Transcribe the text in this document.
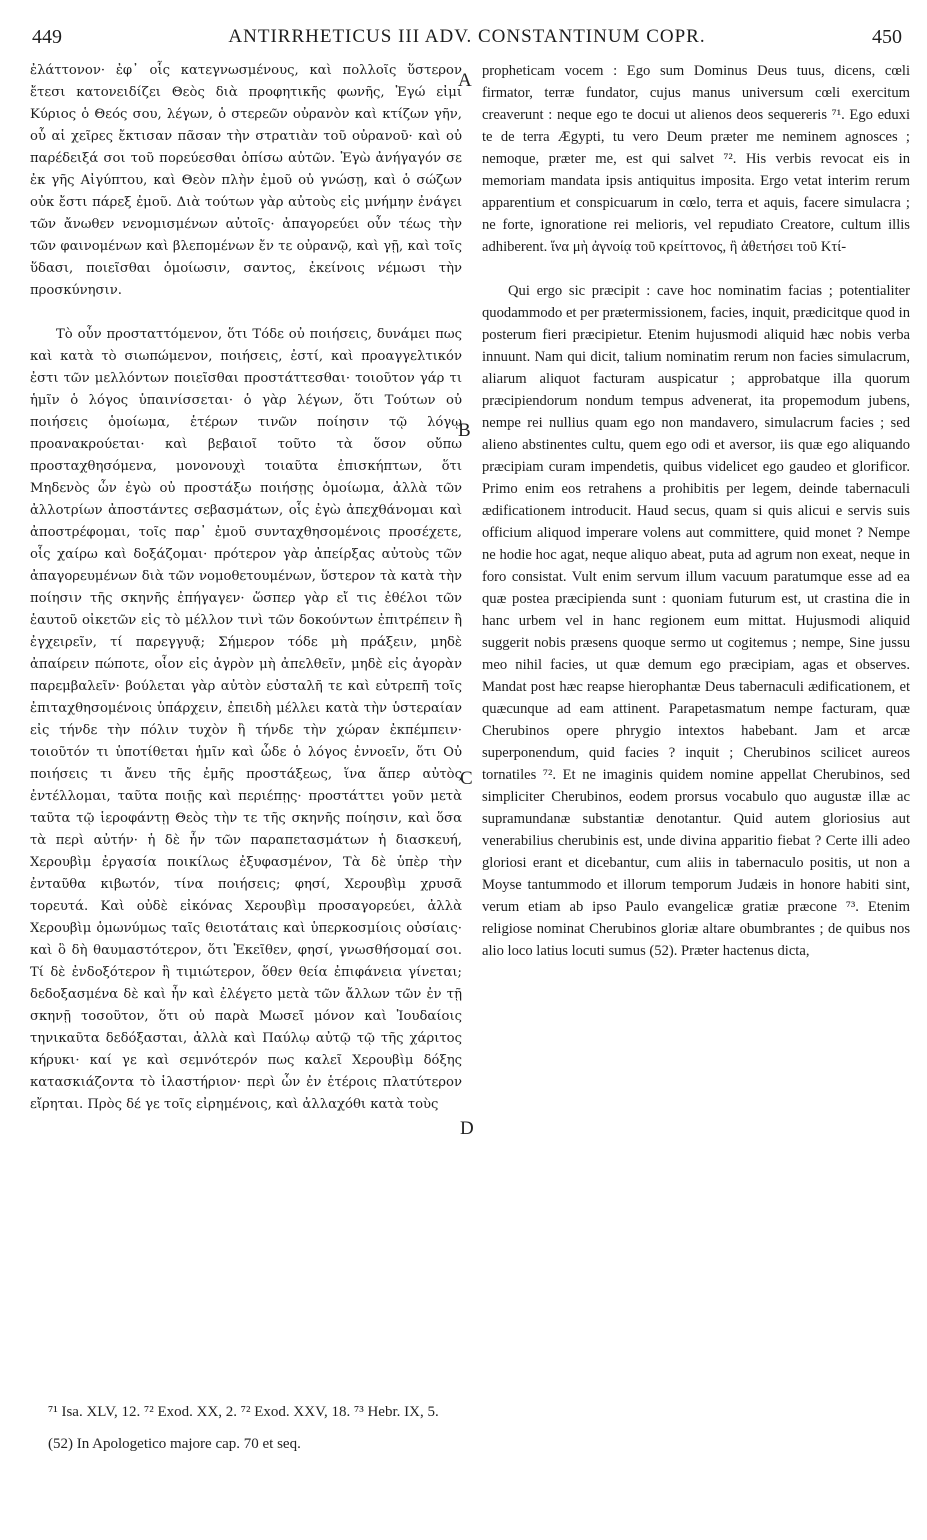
449	ANTIRRHETICUS III ADV. CONSTANTINUM COPR.	450

ἐλάττονον· ἐφ᾽ οἷς κατεγνωσμένους, καὶ πολλοῖς ὕστερον ἔτεσι κατονειδίζει Θεὸς διὰ προφητικῆς φωνῆς, Ἐγώ εἰμι Κύριος ὁ Θεός σου, λέγων, ὁ στερεῶν οὐρανὸν καὶ κτίζων γῆν, οὗ αἱ χεῖρες ἔκτισαν πᾶσαν τὴν στρατιὰν τοῦ οὐρανοῦ· καὶ οὐ παρέδειξά σοι τοῦ πορεύεσθαι ὀπίσω αὐτῶν. Ἐγὼ ἀνήγαγόν σε ἐκ γῆς Αἰγύπτου, καὶ Θεὸν πλὴν ἐμοῦ οὐ γνώσῃ, καὶ ὁ σώζων οὐκ ἔστι πάρεξ ἐμοῦ. Διὰ τούτων γὰρ αὐτοὺς εἰς μνήμην ἐνάγει τῶν ἄνωθεν νενομισμένων αὐτοῖς· ἀπαγορεύει οὖν τέως τὴν τῶν φαινομένων καὶ βλεπομένων ἔν τε οὐρανῷ, καὶ γῇ, καὶ τοῖς ὕδασι, ποιεῖσθαι ὁμοίωσιν, σαντος, ἐκείνοις νέμωσι τὴν προσκύνησιν.

Τὸ οὖν προσταττόμενον, ὅτι Τόδε οὐ ποιήσεις, δυνάμει πως καὶ κατὰ τὸ σιωπώμενον, ποιήσεις, ἐστί, καὶ προαγγελτικόν ἐστι τῶν μελλόντων ποιεῖσθαι προστάττεσθαι· τοιοῦτον γάρ τι ἡμῖν ὁ λόγος ὑπαινίσσεται· ὁ γὰρ λέγων, ὅτι Τούτων οὐ ποιήσεις ὁμοίωμα, ἑτέρων τινῶν ποίησιν τῷ λόγῳ προανακρούεται· καὶ βεβαιοῖ τοῦτο τὰ ὅσον οὔπω προσταχθησόμενα, μονονουχὶ τοιαῦτα ἐπισκήπτων, ὅτι Μηδενὸς ὧν ἐγὼ οὐ προστάξω ποιήσῃς ὁμοίωμα, ἀλλὰ τῶν ἀλλοτρίων ἀποστάντες σεβασμάτων, οἷς ἐγὼ ἀπεχθάνομαι καὶ ἀποστρέφομαι, τοῖς παρ᾽ ἐμοῦ συνταχθησομένοις προσέχετε, οἷς χαίρω καὶ δοξάζομαι· πρότερον γὰρ ἀπείρξας αὐτοὺς τῶν ἀπαγορευμένων διὰ τῶν νομοθετουμένων, ὕστερον τὰ κατὰ τὴν ποίησιν τῆς σκηνῆς ἐπήγαγεν· ὥσπερ γὰρ εἴ τις ἐθέλοι τῶν ἑαυτοῦ οἰκετῶν εἰς τὸ μέλλον τινὶ τῶν δοκούντων ἐπιτρέπειν ἢ ἐγχειρεῖν, τί παρεγγυᾷ; Σήμερον τόδε μὴ πράξειν, μηδὲ ἀπαίρειν πώποτε, οἷον εἰς ἀγρὸν μὴ ἀπελθεῖν, μηδὲ εἰς ἀγορὰν παρεμβαλεῖν· βούλεται γὰρ αὐτὸν εὐσταλῆ τε καὶ εὐτρεπῆ τοῖς ἐπιταχθησομένοις ὑπάρχειν, ἐπειδὴ μέλλει κατὰ τὴν ὑστεραίαν εἰς τήνδε τὴν πόλιν τυχὸν ἢ τήνδε τὴν χώραν ἐκπέμπειν· τοιοῦτόν τι ὑποτίθεται ἡμῖν καὶ ὧδε ὁ λόγος ἐννοεῖν, ὅτι Οὐ ποιήσεις τι ἄνευ τῆς ἐμῆς προστάξεως, ἵνα ἅπερ αὐτὸς ἐντέλλομαι, ταῦτα ποιῇς καὶ περιέπῃς· προστάττει γοῦν μετὰ ταῦτα τῷ ἱεροφάντῃ Θεὸς τὴν τε τῆς σκηνῆς ποίησιν, καὶ ὅσα τὰ περὶ αὐτήν· ἡ δὲ ἦν τῶν παραπετασμάτων ἡ διασκευή, Χερουβὶμ ἐργασία ποικίλως ἐξυφασμένον, Τὰ δὲ ὑπὲρ τὴν ἐνταῦθα κιβωτόν, τίνα ποιήσεις; φησί, Χερουβὶμ χρυσᾶ τορευτά. Καὶ οὐδὲ εἰκόνας Χερουβὶμ προσαγορεύει, ἀλλὰ Χερουβὶμ ὁμωνύμως ταῖς θειοτάταις καὶ ὑπερκοσμίοις οὐσίαις· καὶ ὃ δὴ θαυμαστότερον, ὅτι Ἐκεῖθεν, φησί, γνωσθήσομαί σοι. Τί δὲ ἐνδοξότερον ἢ τιμιώτερον, ὅθεν θεία ἐπιφάνεια γίνεται; δεδοξασμένα δὲ καὶ ἦν καὶ ἐλέγετο μετὰ τῶν ἄλλων τῶν ἐν τῇ σκηνῇ τοσοῦτον, ὅτι οὐ παρὰ Μωσεῖ μόνον καὶ Ἰουδαίοις τηνικαῦτα δεδόξασται, ἀλλὰ καὶ Παύλῳ αὐτῷ τῷ τῆς χάριτος κήρυκι· καί γε καὶ σεμνότερόν πως καλεῖ Χερουβὶμ δόξης κατασκιάζοντα τὸ ἱλαστήριον· περὶ ὧν ἐν ἑτέροις πλατύτερον εἴρηται. Πρὸς δέ γε τοῖς εἰρημένοις, καὶ ἀλλαχόθι κατὰ τοὺς

A
B
C
D

propheticam vocem : Ego sum Dominus Deus tuus, dicens, cœli firmator, terræ fundator, cujus manus universum cœli exercitum creaverunt : neque ego te docui ut alienos deos sequereris ⁷¹. Ego eduxi te de terra Ægypti, tu vero Deum præter me neminem agnosces ; nemoque, præter me, est qui salvet ⁷². His verbis revocat eis in memoriam mandata ipsis antiquitus imposita. Ergo vetat interim rerum apparentium et conspicuarum in cœlo, terra et aquis, facere simulacra ; ne forte, ignoratione rei melioris, vel repudiato Creatore, cultum illis adhiberent. ἵνα μὴ ἀγνοίᾳ τοῦ κρείττονος, ἢ ἀθετήσει τοῦ Κτί-

Qui ergo sic præcipit : cave hoc nominatim facias ; potentialiter quodammodo et per prætermissionem, facies, inquit, prædicitque quod in posterum fieri præcipietur. Etenim hujusmodi aliquid hæc nobis verba innuunt. Nam qui dicit, talium nominatim rerum non facies simulacrum, aliarum aliquot facturam auspicatur ; approbatque illa quorum præcipiendorum nondum tempus advenerat, ita propemodum jubens, nempe rei nullius quam ego non mandavero, simulacrum facies ; sed alieno abstinentes cultu, quem ego odi et aversor, iis quæ ego aliquando præcipiam curam impendetis, quibus videlicet ego gaudeo et glorificor. Primo enim eos retrahens a prohibitis per legem, deinde tabernaculi ædificationem introducit. Haud secus, quam si quis alicui e servis suis officium aliquod imperare volens aut committere, quid monet ? Nempe ne hodie hoc agat, neque aliquo abeat, puta ad agrum non exeat, neque in foro consistat. Vult enim servum illum vacuum paratumque esse ad ea quæ postea præcipienda sunt : quoniam futurum est, ut crastina die in hanc urbem vel in hanc regionem eum mittat. Hujusmodi aliquid suggerit nobis præsens quoque sermo ut cogitemus ; nempe, Sine jussu meo nihil facies, ut quæ demum ego præcipiam, agas et observes. Mandat post hæc reapse hierophantæ Deus tabernaculi ædificationem, et quæcunque ad eam attinent. Parapetasmatum nempe facturam, quæ Cherubinos opere phrygio intextos habebant. Jam et arcæ superponendum, quid facies ? inquit ; Cherubinos scilicet aureos tornatiles ⁷². Et ne imaginis quidem nomine appellat Cherubinos, sed simpliciter Cherubinos, eodem prorsus vocabulo quo augustæ illæ ac supramundanæ substantiæ denotantur. Quid autem gloriosius aut venerabilius cherubinis est, unde divina apparitio fiebat ? Certe illi adeo gloriosi erant et dicebantur, cum aliis in tabernaculo positis, ut non a Moyse tantummodo et illorum temporum Judæis in honore habiti sint, verum etiam ab ipso Paulo evangelicæ gratiæ præcone ⁷³. Etenim religiose nominat Cherubinos gloriæ altare obumbrantes ; de quibus nos alio loco latius locuti sumus (52). Præter hactenus dicta,

⁷¹ Isa. XLV, 12. ⁷² Exod. XX, 2. ⁷² Exod. XXV, 18. ⁷³ Hebr. IX, 5.
(52) In Apologetico majore cap. 70 et seq.
